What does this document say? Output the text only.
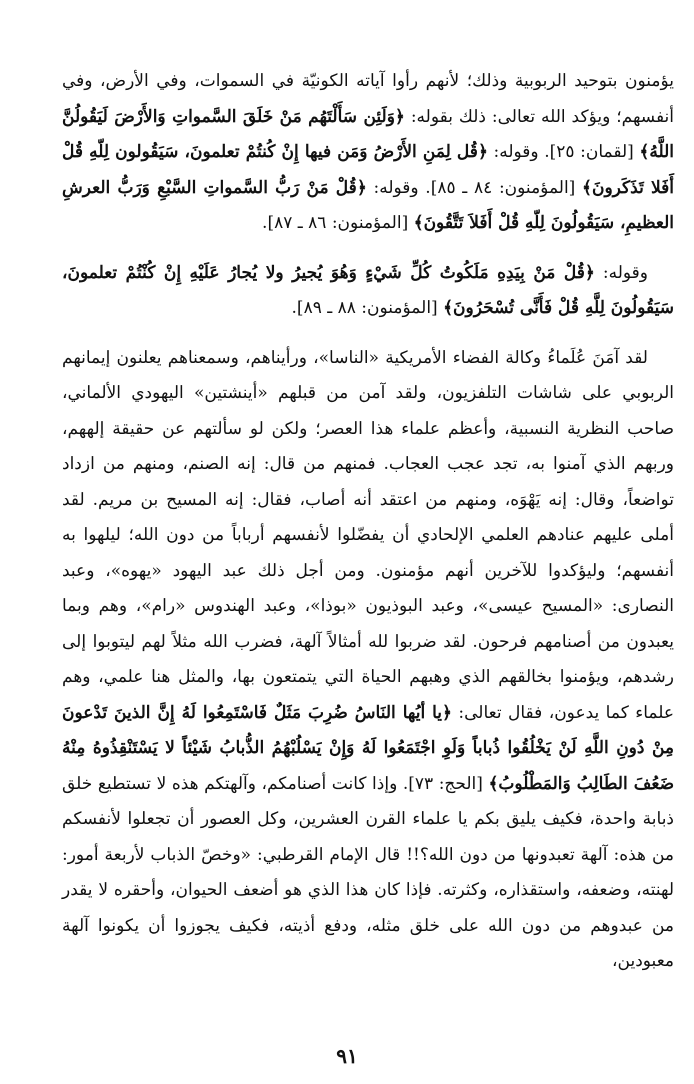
يؤمنون بتوحيد الربوبية وذلك؛ لأنهم رأوا آياته الكونيّة في السموات، وفي الأرض، وفي أنفسهم؛ ويؤكد الله تعالى: ذلك بقوله: ﴿وَلَئِن سَأَلْتَهُم مَنْ خَلَقَ السَّمواتِ وَالأَرْضَ لَيَقُولُنَّ اللَّهُ﴾ [لقمان: ٢٥]. وقوله: ﴿قُل لِمَنِ الأَرْضُ وَمَن فيها إِنْ كُنتُمْ تعلمونَ، سَيَقُولون لِلّهِ قُلْ أَفَلا تَذَكَرونَ﴾ [المؤمنون: ٨٤ ـ ٨٥]. وقوله: ﴿قُلْ مَنْ رَبُّ السَّمواتِ السَّبْعِ وَرَبُّ العرشِ العظيمِ، سَيَقُولُونَ لِلّهِ قُلْ أَفَلاَ تَتَّقُونَ﴾ [المؤمنون: ٨٦ ـ ٨٧].

وقوله: ﴿قُلْ مَنْ بِيَدِهِ مَلَكُوتُ كُلِّ شَيْءٍ وَهُوَ يُجيرُ ولا يُجارُ عَلَيْهِ إِنْ كُنْتُمْ تعلمونَ، سَيَقُولُونَ لِلَّهِ قُلْ فَأَنَّى تُسْحَرُونَ﴾ [المؤمنون: ٨٨ ـ ٨٩].

لقد آمَنَ عُلَماءُ وكالة الفضاء الأمريكية «الناسا»، ورأيناهم، وسمعناهم يعلنون إيمانهم الربوبي على شاشات التلفزيون، ولقد آمن من قبلهم «أينشتين» اليهودي الألماني، صاحب النظرية النسبية، وأعظم علماء هذا العصر؛ ولكن لو سألتهم عن حقيقة إلههم، وربهم الذي آمنوا به، تجد عجب العجاب. فمنهم من قال: إنه الصنم، ومنهم من ازداد تواضعاً، وقال: إنه يَهْوَه، ومنهم من اعتقد أنه أصاب، فقال: إنه المسيح بن مريم. لقد أملى عليهم عنادهم العلمي الإلحادي أن يفضّلوا لأنفسهم أرباباً من دون الله؛ ليلهوا به أنفسهم؛ وليؤكدوا للآخرين أنهم مؤمنون. ومن أجل ذلك عبد اليهود «يهوه»، وعبد النصارى: «المسيح عيسى»، وعبد البوذيون «بوذا»، وعبد الهندوس «رام»، وهم وبما يعبدون من أصنامهم فرحون. لقد ضربوا لله أمثالاً آلهة، فضرب الله مثلاً لهم ليتوبوا إلى رشدهم، ويؤمنوا بخالقهم الذي وهبهم الحياة التي يتمتعون بها، والمثل هنا علمي، وهم علماء كما يدعون، فقال تعالى: ﴿يا أيُها النَاسُ ضُرِبَ مَثَلٌ فَاسْتَمِعُوا لَهُ إِنَّ الذينَ تَدْعونَ مِنْ دُونِ اللَّهِ لَنْ يَخْلُقُوا ذُباباً وَلَوِ اجْتَمَعُوا لَهُ وَإِنْ يَسْلُبْهُمُ الذُّبابُ شَيْئاً لا يَسْتَنْقِذُوهُ مِنْهُ ضَعُفَ الطَالِبُ وَالمَطْلُوبُ﴾ [الحج: ٧٣]. وإذا كانت أصنامكم، وآلهتكم هذه لا تستطيع خلق ذبابة واحدة، فكيف يليق بكم يا علماء القرن العشرين، وكل العصور أن تجعلوا لأنفسكم من هذه: آلهة تعبدونها من دون الله؟!! قال الإمام القرطبي: «وخصّ الذباب لأربعة أمور: لهنته، وضعفه، واستقذاره، وكثرته. فإذا كان هذا الذي هو أضعف الحيوان، وأحقره لا يقدر من عبدوهم من دون الله على خلق مثله، ودفع أذيته، فكيف يجوزوا أن يكونوا آلهة معبودين،

٩١
